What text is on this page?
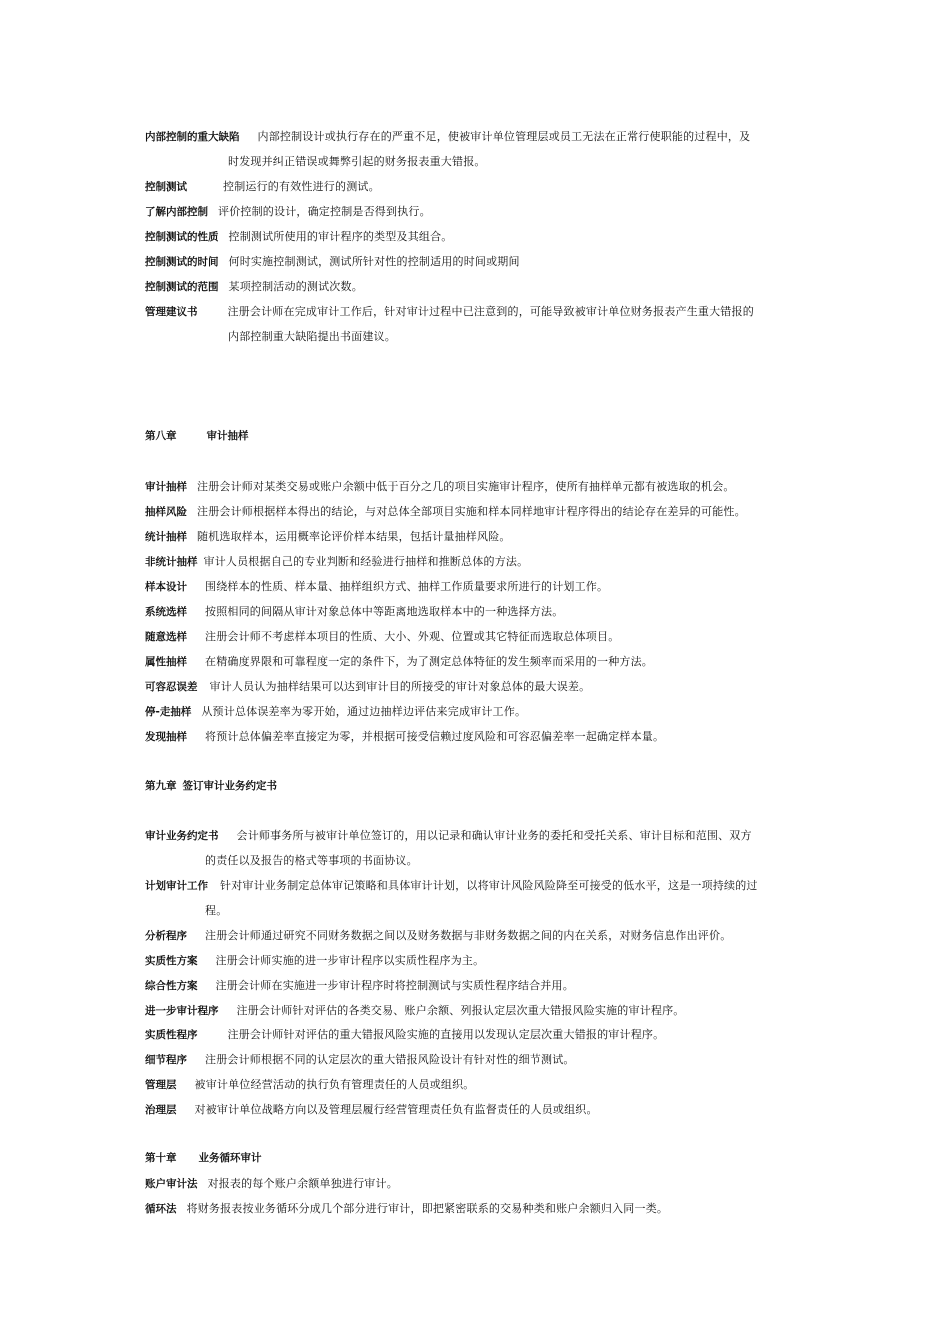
内部控制的重大缺陷 内部控制设计或执行存在的严重不足，使被审计单位管理层或员工无法在正常行使职能的过程中，及
时发现并纠正错误或舞弊引起的财务报表重大错报。
控制测试	控制运行的有效性进行的测试。
了解内部控制 评价控制的设计，确定控制是否得到执行。
控制测试的性质 控制测试所使用的审计程序的类型及其组合。
控制测试的时间 何时实施控制测试，测试所针对性的控制适用的时间或期间
控制测试的范围 某项控制活动的测试次数。
管理建议书	注册会计师在完成审计工作后，针对审计过程中已注意到的，可能导致被审计单位财务报表产生重大错报的
内部控制重大缺陷提出书面建议。
第八章	审计抽样
审计抽样 注册会计师对某类交易或账户余额中低于百分之几的项目实施审计程序，使所有抽样单元都有被选取的机会。
抽样风险 注册会计师根据样本得出的结论，与对总体全部项目实施和样本同样地审计程序得出的结论存在差异的可能性。
统计抽样 随机选取样本，运用概率论评价样本结果，包括计量抽样风险。
非统计抽样 审计人员根据自己的专业判断和经验进行抽样和推断总体的方法。
样本设计 围绕样本的性质、样本量、抽样组织方式、抽样工作质量要求所进行的计划工作。
系统选样 按照相同的间隔从审计对象总体中等距离地选取样本中的一种选择方法。
随意选样 注册会计师不考虑样本项目的性质、大小、外观、位置或其它特征而选取总体项目。
属性抽样 在精确度界限和可靠程度一定的条件下，为了测定总体特征的发生频率而采用的一种方法。
可容忍误差 审计人员认为抽样结果可以达到审计目的所接受的审计对象总体的最大误差。
停-走抽样 从预计总体误差率为零开始，通过边抽样边评估来完成审计工作。
发现抽样 将预计总体偏差率直接定为零，并根据可接受信赖过度风险和可容忍偏差率一起确定样本量。
第九章 签订审计业务约定书
审计业务约定书 会计师事务所与被审计单位签订的，用以记录和确认审计业务的委托和受托关系、审计目标和范围、双方
的责任以及报告的格式等事项的书面协议。
计划审计工作 针对审计业务制定总体审记策略和具体审计计划，以将审计风险风险降至可接受的低水平，这是一项持续的过
程。
分析程序 注册会计师通过研究不同财务数据之间以及财务数据与非财务数据之间的内在关系，对财务信息作出评价。
实质性方案 注册会计师实施的进一步审计程序以实质性程序为主。
综合性方案 注册会计师在实施进一步审计程序时将控制测试与实质性程序结合并用。
进一步审计程序 注册会计师针对评估的各类交易、账户余额、列报认定层次重大错报风险实施的审计程序。
实质性程序	注册会计师针对评估的重大错报风险实施的直接用以发现认定层次重大错报的审计程序。
细节程序 注册会计师根据不同的认定层次的重大错报风险设计有针对性的细节测试。
管理层 被审计单位经营活动的执行负有管理责任的人员或组织。
治理层 对被审计单位战略方向以及管理层履行经营管理责任负有监督责任的人员或组织。
第十章 业务循环审计
账户审计法 对报表的每个账户余额单独进行审计。
循环法 将财务报表按业务循环分成几个部分进行审计，即把紧密联系的交易种类和账户余额归入同一类。
